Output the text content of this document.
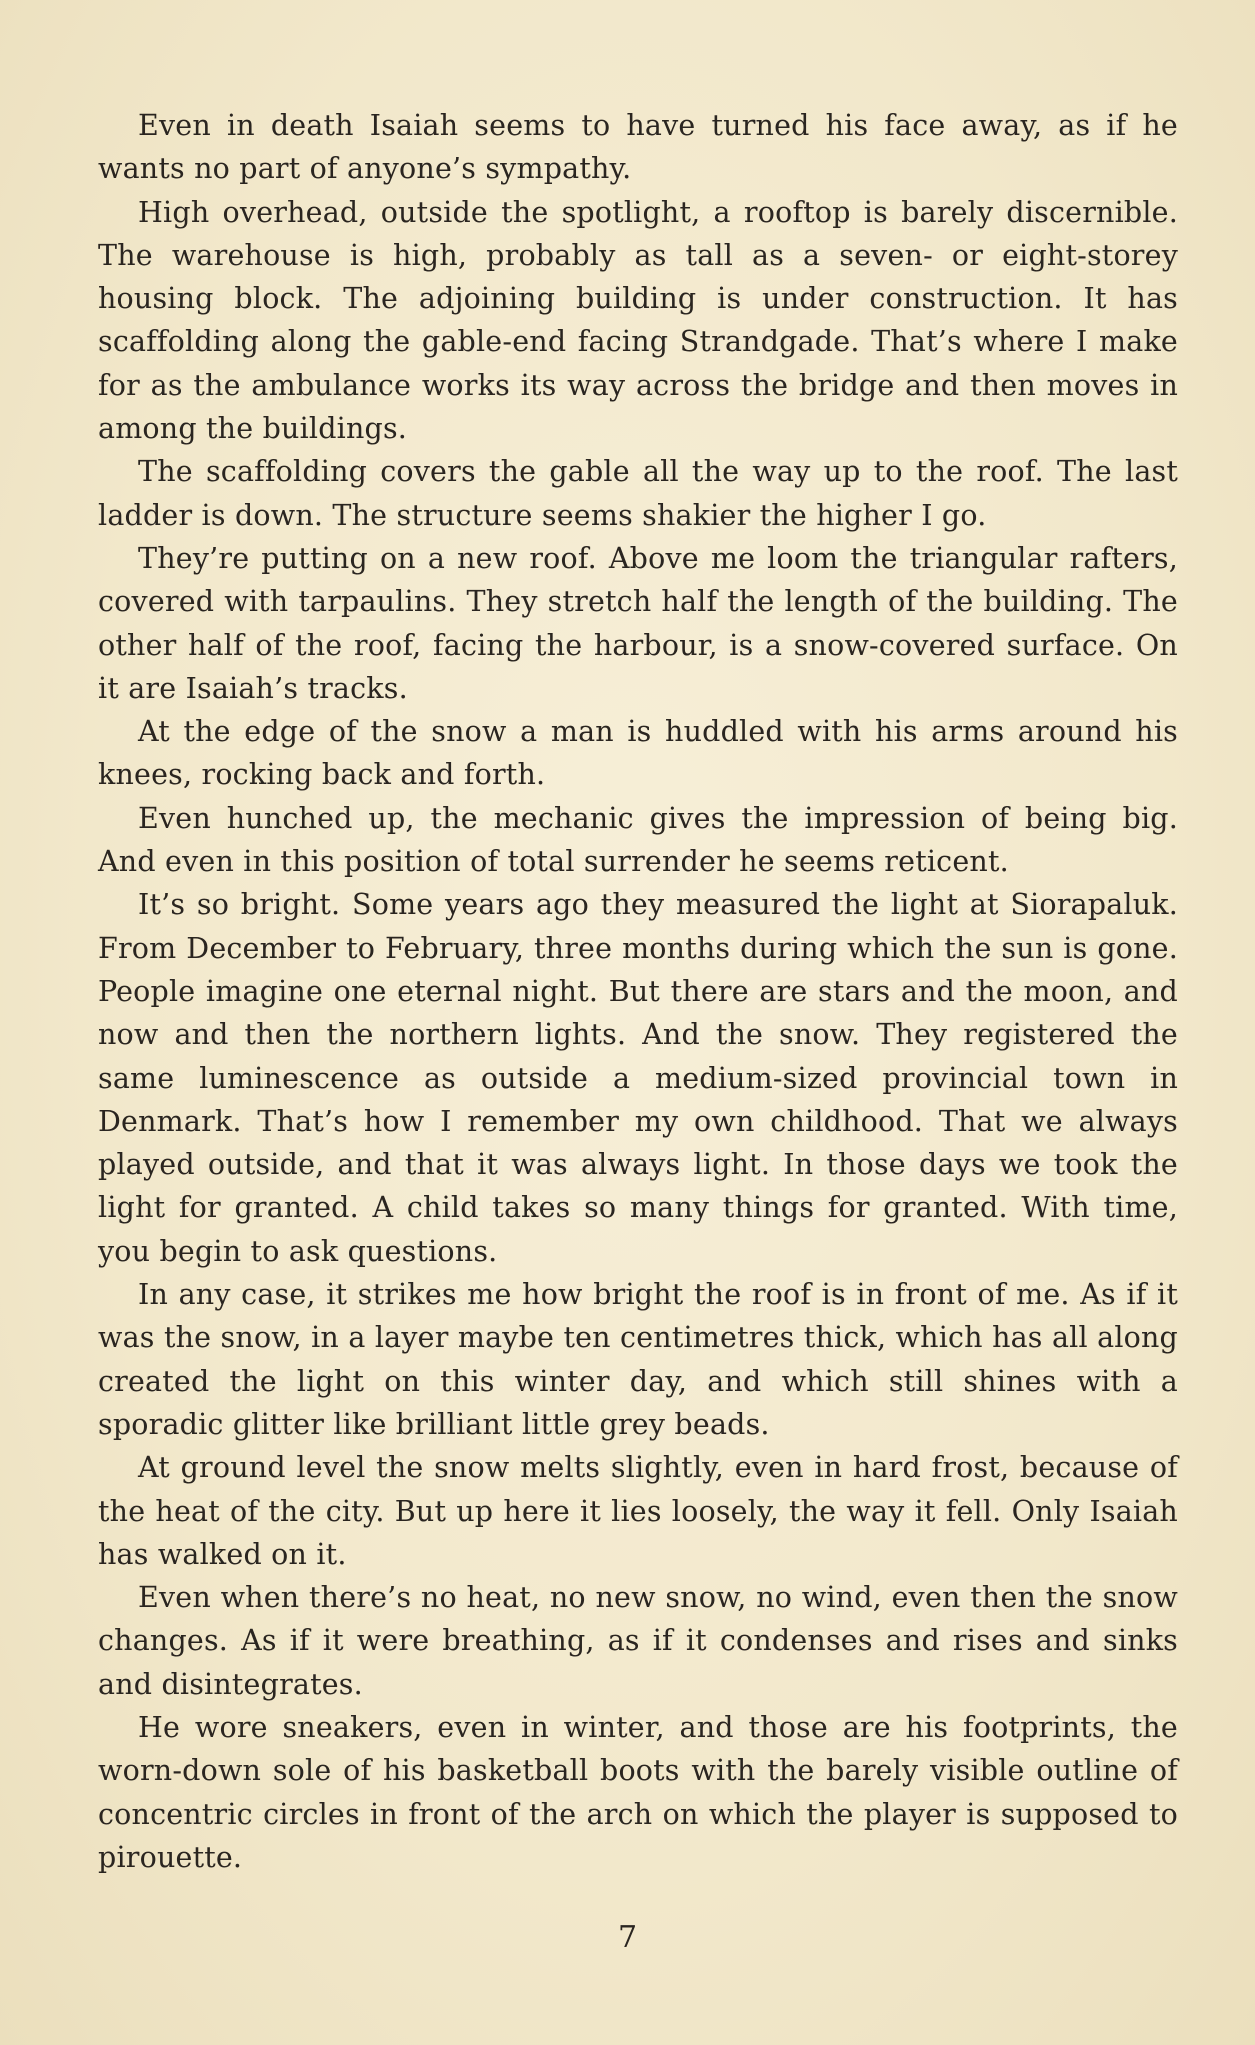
Even in death Isaiah seems to have turned his face away, as if he wants no part of anyone’s sympathy.

High overhead, outside the spotlight, a rooftop is barely discernible. The warehouse is high, probably as tall as a seven- or eight-storey housing block. The adjoining building is under construction. It has scaffolding along the gable-end facing Strandgade. That’s where I make for as the ambulance works its way across the bridge and then moves in among the buildings.

The scaffolding covers the gable all the way up to the roof. The last ladder is down. The structure seems shakier the higher I go.

They’re putting on a new roof. Above me loom the triangular rafters, covered with tarpaulins. They stretch half the length of the building. The other half of the roof, facing the harbour, is a snow-covered surface. On it are Isaiah’s tracks.

At the edge of the snow a man is huddled with his arms around his knees, rocking back and forth.

Even hunched up, the mechanic gives the impression of being big. And even in this position of total surrender he seems reticent.

It’s so bright. Some years ago they measured the light at Siorapaluk. From December to February, three months during which the sun is gone. People imagine one eternal night. But there are stars and the moon, and now and then the northern lights. And the snow. They registered the same luminescence as outside a medium-sized provincial town in Denmark. That’s how I remember my own childhood. That we always played outside, and that it was always light. In those days we took the light for granted. A child takes so many things for granted. With time, you begin to ask questions.

In any case, it strikes me how bright the roof is in front of me. As if it was the snow, in a layer maybe ten centimetres thick, which has all along created the light on this winter day, and which still shines with a sporadic glitter like brilliant little grey beads.

At ground level the snow melts slightly, even in hard frost, because of the heat of the city. But up here it lies loosely, the way it fell. Only Isaiah has walked on it.

Even when there’s no heat, no new snow, no wind, even then the snow changes. As if it were breathing, as if it condenses and rises and sinks and disintegrates.

He wore sneakers, even in winter, and those are his footprints, the worn-down sole of his basketball boots with the barely visible outline of concentric circles in front of the arch on which the player is supposed to pirouette.

7
